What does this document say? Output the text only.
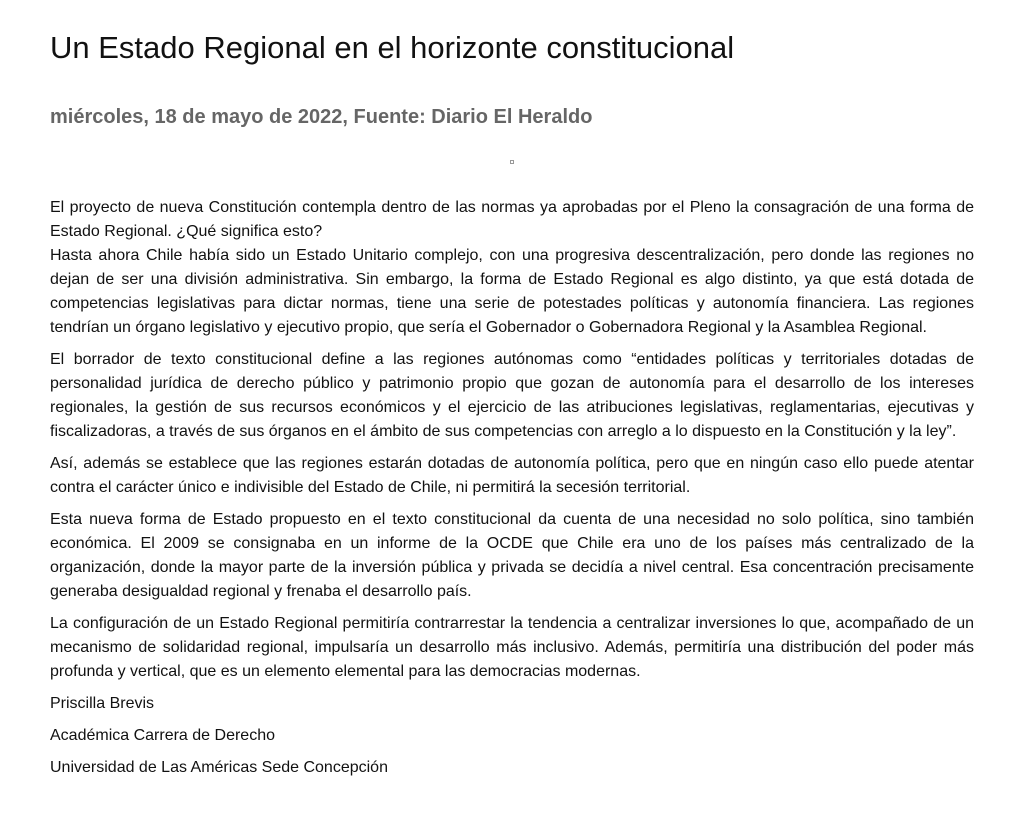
Un Estado Regional en el horizonte constitucional
miércoles, 18 de mayo de 2022, Fuente: Diario El Heraldo

El proyecto de nueva Constitución contempla dentro de las normas ya aprobadas por el Pleno la consagración de una forma de Estado Regional. ¿Qué significa esto?

Hasta ahora Chile había sido un Estado Unitario complejo, con una progresiva descentralización, pero donde las regiones no dejan de ser una división administrativa. Sin embargo, la forma de Estado Regional es algo distinto, ya que está dotada de competencias legislativas para dictar normas, tiene una serie de potestades políticas y autonomía financiera. Las regiones tendrían un órgano legislativo y ejecutivo propio, que sería el Gobernador o Gobernadora Regional y la Asamblea Regional.

El borrador de texto constitucional define a las regiones autónomas como “entidades políticas y territoriales dotadas de personalidad jurídica de derecho público y patrimonio propio que gozan de autonomía para el desarrollo de los intereses regionales, la gestión de sus recursos económicos y el ejercicio de las atribuciones legislativas, reglamentarias, ejecutivas y fiscalizadoras, a través de sus órganos en el ámbito de sus competencias con arreglo a lo dispuesto en la Constitución y la ley”.

Así, además se establece que las regiones estarán dotadas de autonomía política, pero que en ningún caso ello puede atentar contra el carácter único e indivisible del Estado de Chile, ni permitirá la secesión territorial.

Esta nueva forma de Estado propuesto en el texto constitucional da cuenta de una necesidad no solo política, sino también económica. El 2009 se consignaba en un informe de la OCDE que Chile era uno de los países más centralizado de la organización, donde la mayor parte de la inversión pública y privada se decidía a nivel central. Esa concentración precisamente generaba desigualdad regional y frenaba el desarrollo país.

La configuración de un Estado Regional permitiría contrarrestar la tendencia a centralizar inversiones lo que, acompañado de un mecanismo de solidaridad regional, impulsaría un desarrollo más inclusivo. Además, permitiría una distribución del poder más profunda y vertical, que es un elemento elemental para las democracias modernas.

Priscilla Brevis

Académica Carrera de Derecho

Universidad de Las Américas Sede Concepción
